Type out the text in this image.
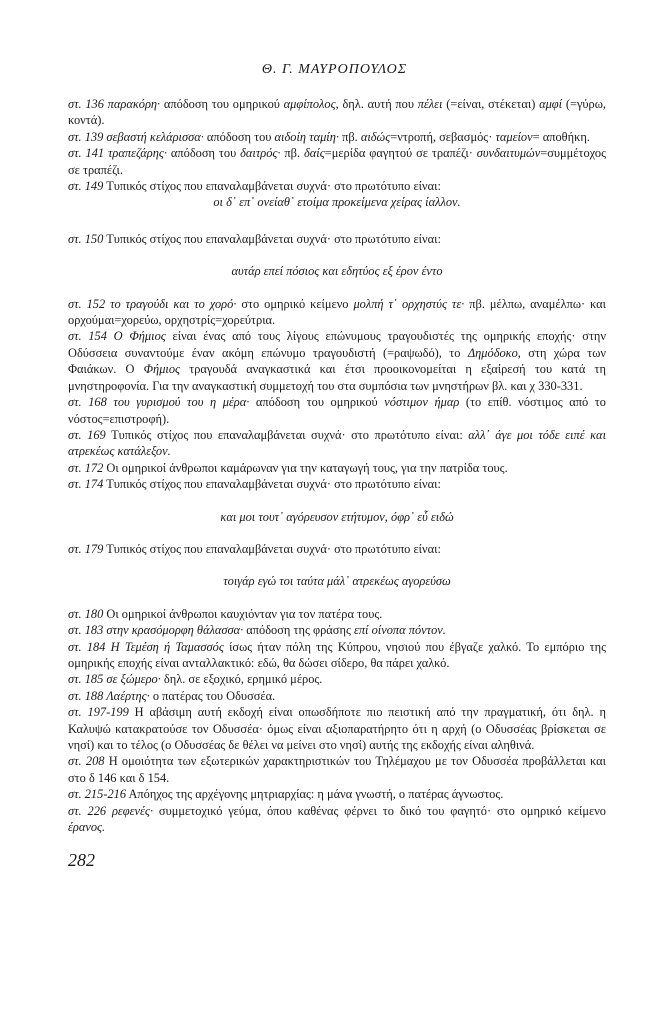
Θ. Γ. ΜΑΥΡΟΠΟΥΛΟΣ

στ. 136 παρακόρη· απόδοση του ομηρικού αμφίπολος, δηλ. αυτή που πέλει (=είναι, στέκεται) αμφί (=γύρω, κοντά).

στ. 139 σεβαστή κελάρισσα· απόδοση του αιδοίη ταμίη· πβ. αιδώς=ντροπή, σεβασμός· ταμείον= αποθήκη.

στ. 141 τραπεζάρης· απόδοση του δαιτρός· πβ. δαίς=μερίδα φαγητού σε τραπέζι· συνδαιτυμών=συμμέτοχος σε τραπέζι.

στ. 149 Τυπικός στίχος που επαναλαμβάνεται συχνά· στο πρωτότυπο είναι:

οι δ᾿ επ᾿ ονείαθ᾿ ετοίμα προκείμενα χείρας ίαλλον.

στ. 150 Τυπικός στίχος που επαναλαμβάνεται συχνά· στο πρωτότυπο είναι:

αυτάρ επεί πόσιος και εδητύος εξ έρον έντο

στ. 152 το τραγούδι και το χορό· στο ομηρικό κείμενο μολπή τ᾿ ορχηστύς τε· πβ. μέλπω, αναμέλπω· και ορχούμαι=χορεύω, ορχηστρίς=χορεύτρια.

στ. 154 Ο Φήμιος είναι ένας από τους λίγους επώνυμους τραγουδιστές της ομηρικής εποχής· στην Οδύσσεια συναντούμε έναν ακόμη επώνυμο τραγουδιστή (=ραψωδό), το Δημόδοκο, στη χώρα των Φαιάκων. Ο Φήμιος τραγουδά αναγκαστικά και έτσι προοικονομείται η εξαίρεσή του κατά τη μνηστηροφονία. Για την αναγκαστική συμμετοχή του στα συμπόσια των μνηστήρων βλ. και χ 330-331.

στ. 168 του γυρισμού του η μέρα· απόδοση του ομηρικού νόστιμον ήμαρ (το επίθ. νόστιμος από το νόστος=επιστροφή).

στ. 169 Τυπικός στίχος που επαναλαμβάνεται συχνά· στο πρωτότυπο είναι: αλλ᾿ άγε μοι τόδε ειπέ και ατρεκέως κατάλεξον.

στ. 172 Οι ομηρικοί άνθρωποι καμάρωναν για την καταγωγή τους, για την πατρίδα τους.

στ. 174 Τυπικός στίχος που επαναλαμβάνεται συχνά· στο πρωτότυπο είναι:

και μοι τουτ᾿ αγόρευσον ετήτυμον, όφρ᾿ εὖ ειδώ

στ. 179 Τυπικός στίχος που επαναλαμβάνεται συχνά· στο πρωτότυπο είναι:

τοιγάρ εγώ τοι ταύτα μάλ᾿ ατρεκέως αγορεύσω

στ. 180 Οι ομηρικοί άνθρωποι καυχιόνταν για τον πατέρα τους.

στ. 183 στην κρασόμορφη θάλασσα· απόδοση της φράσης επί οίνοπα πόντον.

στ. 184 Η Τεμέση ή Ταμασσός ίσως ήταν πόλη της Κύπρου, νησιού που έβγαζε χαλκό. Το εμπόριο της ομηρικής εποχής είναι ανταλλακτικό: εδώ, θα δώσει σίδερο, θα πάρει χαλκό.

στ. 185 σε ξώμερο· δηλ. σε εξοχικό, ερημικό μέρος.

στ. 188 Λαέρτης· ο πατέρας του Οδυσσέα.

στ. 197-199 Η αβάσιμη αυτή εκδοχή είναι οπωσδήποτε πιο πειστική από την πραγματική, ότι δηλ. η Καλυψώ κατακρατούσε τον Οδυσσέα· όμως είναι αξιοπαρατήρητο ότι η αρχή (ο Οδυσσέας βρίσκεται σε νησί) και το τέλος (ο Οδυσσέας δε θέλει να μείνει στο νησί) αυτής της εκδοχής είναι αληθινά.

στ. 208 Η ομοιότητα των εξωτερικών χαρακτηριστικών του Τηλέμαχου με τον Οδυσσέα προβάλλεται και στο δ 146 και δ 154.

στ. 215-216 Απόηχος της αρχέγονης μητριαρχίας: η μάνα γνωστή, ο πατέρας άγνωστος.

στ. 226 ρεφενές· συμμετοχικό γεύμα, όπου καθένας φέρνει το δικό του φαγητό· στο ομηρικό κείμενο έρανος.

282
